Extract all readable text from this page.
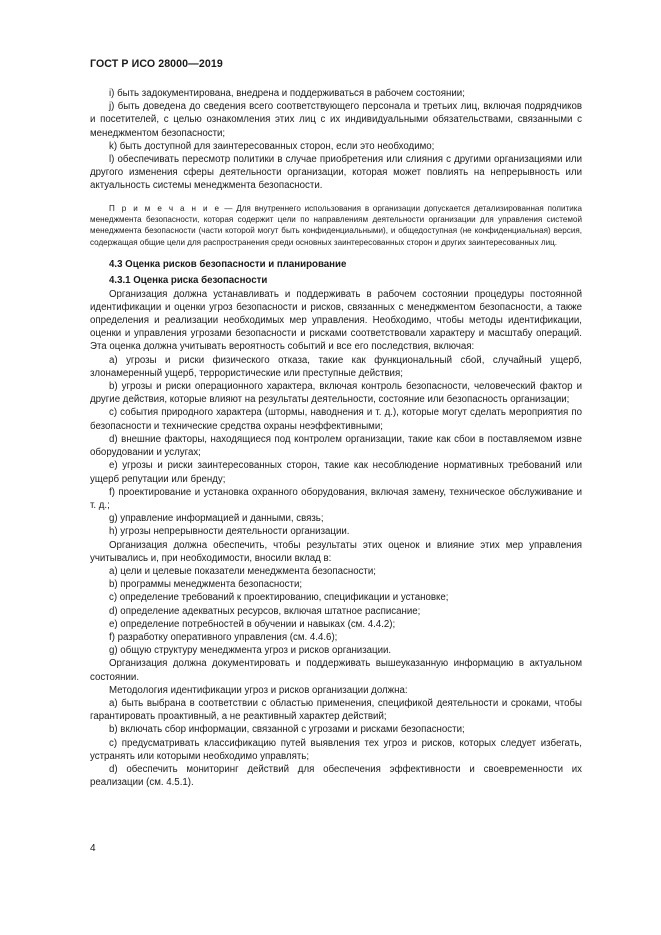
ГОСТ Р ИСО 28000—2019

i) быть задокументирована, внедрена и поддерживаться в рабочем состоянии;

j) быть доведена до сведения всего соответствующего персонала и третьих лиц, включая подрядчиков и посетителей, с целью ознакомления этих лиц с их индивидуальными обязательствами, связанными с менеджментом безопасности;

k) быть доступной для заинтересованных сторон, если это необходимо;

l) обеспечивать пересмотр политики в случае приобретения или слияния с другими организациями или другого изменения сферы деятельности организации, которая может повлиять на непрерывность или актуальность системы менеджмента безопасности.

П р и м е ч а н и е — Для внутреннего использования в организации допускается детализированная политика менеджмента безопасности, которая содержит цели по направлениям деятельности организации для управления системой менеджмента безопасности (части которой могут быть конфиденциальными), и общедоступная (не конфиденциальная) версия, содержащая общие цели для распространения среди основных заинтересованных сторон и других заинтересованных лиц.

4.3 Оценка рисков безопасности и планирование

4.3.1 Оценка риска безопасности

Организация должна устанавливать и поддерживать в рабочем состоянии процедуры постоянной идентификации и оценки угроз безопасности и рисков, связанных с менеджментом безопасности, а также определения и реализации необходимых мер управления. Необходимо, чтобы методы идентификации, оценки и управления угрозами безопасности и рисками соответствовали характеру и масштабу операций. Эта оценка должна учитывать вероятность событий и все его последствия, включая:

a) угрозы и риски физического отказа, такие как функциональный сбой, случайный ущерб, злонамеренный ущерб, террористические или преступные действия;

b) угрозы и риски операционного характера, включая контроль безопасности, человеческий фактор и другие действия, которые влияют на результаты деятельности, состояние или безопасность организации;

c) события природного характера (штормы, наводнения и т. д.), которые могут сделать мероприятия по безопасности и технические средства охраны неэффективными;

d) внешние факторы, находящиеся под контролем организации, такие как сбои в поставляемом извне оборудовании и услугах;

e) угрозы и риски заинтересованных сторон, такие как несоблюдение нормативных требований или ущерб репутации или бренду;

f) проектирование и установка охранного оборудования, включая замену, техническое обслуживание и т. д.;

g) управление информацией и данными, связь;

h) угрозы непрерывности деятельности организации.

Организация должна обеспечить, чтобы результаты этих оценок и влияние этих мер управления учитывались и, при необходимости, вносили вклад в:

a) цели и целевые показатели менеджмента безопасности;

b) программы менеджмента безопасности;

c) определение требований к проектированию, спецификации и установке;

d) определение адекватных ресурсов, включая штатное расписание;

e) определение потребностей в обучении и навыках (см. 4.4.2);

f) разработку оперативного управления (см. 4.4.6);

g) общую структуру менеджмента угроз и рисков организации.

Организация должна документировать и поддерживать вышеуказанную информацию в актуальном состоянии.

Методология идентификации угроз и рисков организации должна:

a) быть выбрана в соответствии с областью применения, спецификой деятельности и сроками, чтобы гарантировать проактивный, а не реактивный характер действий;

b) включать сбор информации, связанной с угрозами и рисками безопасности;

c) предусматривать классификацию путей выявления тех угроз и рисков, которых следует избегать, устранять или которыми необходимо управлять;

d) обеспечить мониторинг действий для обеспечения эффективности и своевременности их реализации (см. 4.5.1).

4
